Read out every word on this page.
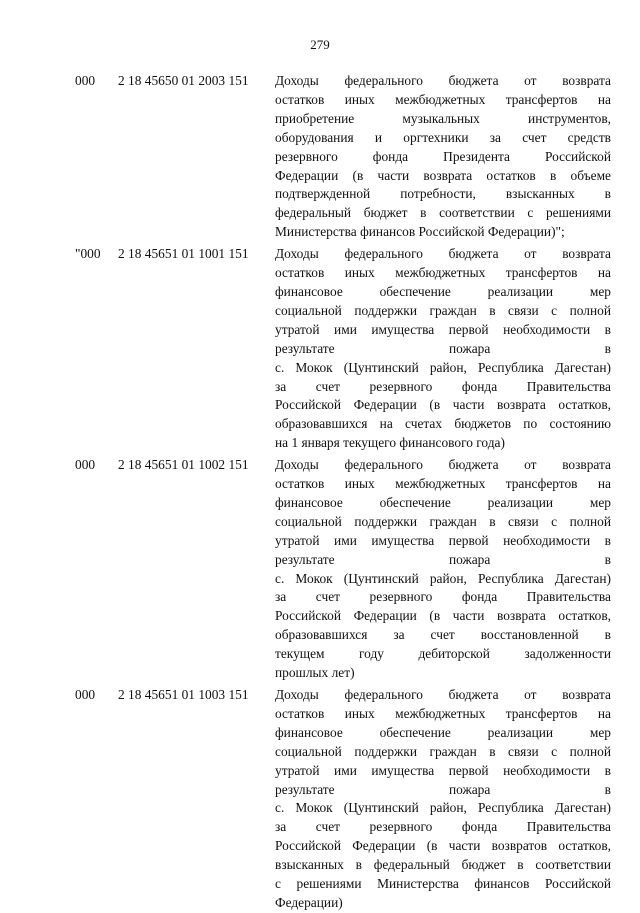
279
000 2 18 45650 01 2003 151 Доходы федерального бюджета от возврата
остатков иных межбюджетных трансфертов на
приобретение музыкальных инструментов,
оборудования и оргтехники за счет средств
резервного фонда Президента Российской
Федерации (в части возврата остатков в объеме
подтвержденной потребности, взысканных в
федеральный бюджет в соответствии с решениями
Министерства финансов Российской Федерации)";
"000 2 18 45651 01 1001 151 Доходы федерального бюджета от возврата
остатков иных межбюджетных трансфертов на
финансовое обеспечение реализации мер
социальной поддержки граждан в связи с полной
утратой ими имущества первой необходимости в
результате пожара в
с. Мокок (Цунтинский район, Республика Дагестан)
за счет резервного фонда Правительства
Российской Федерации (в части возврата остатков,
образовавшихся на счетах бюджетов по состоянию
на 1 января текущего финансового года)
000 2 18 45651 01 1002 151 Доходы федерального бюджета от возврата
остатков иных межбюджетных трансфертов на
финансовое обеспечение реализации мер
социальной поддержки граждан в связи с полной
утратой ими имущества первой необходимости в
результате пожара в
с. Мокок (Цунтинский район, Республика Дагестан)
за счет резервного фонда Правительства
Российской Федерации (в части возврата остатков,
образовавшихся за счет восстановленной в
текущем году дебиторской задолженности
прошлых лет)
000 2 18 45651 01 1003 151 Доходы федерального бюджета от возврата
остатков иных межбюджетных трансфертов на
финансовое обеспечение реализации мер
социальной поддержки граждан в связи с полной
утратой ими имущества первой необходимости в
результате пожара в
с. Мокок (Цунтинский район, Республика Дагестан)
за счет резервного фонда Правительства
Российской Федерации (в части возвратов остатков,
взысканных в федеральный бюджет в соответствии
с решениями Министерства финансов Российской
Федерации)
